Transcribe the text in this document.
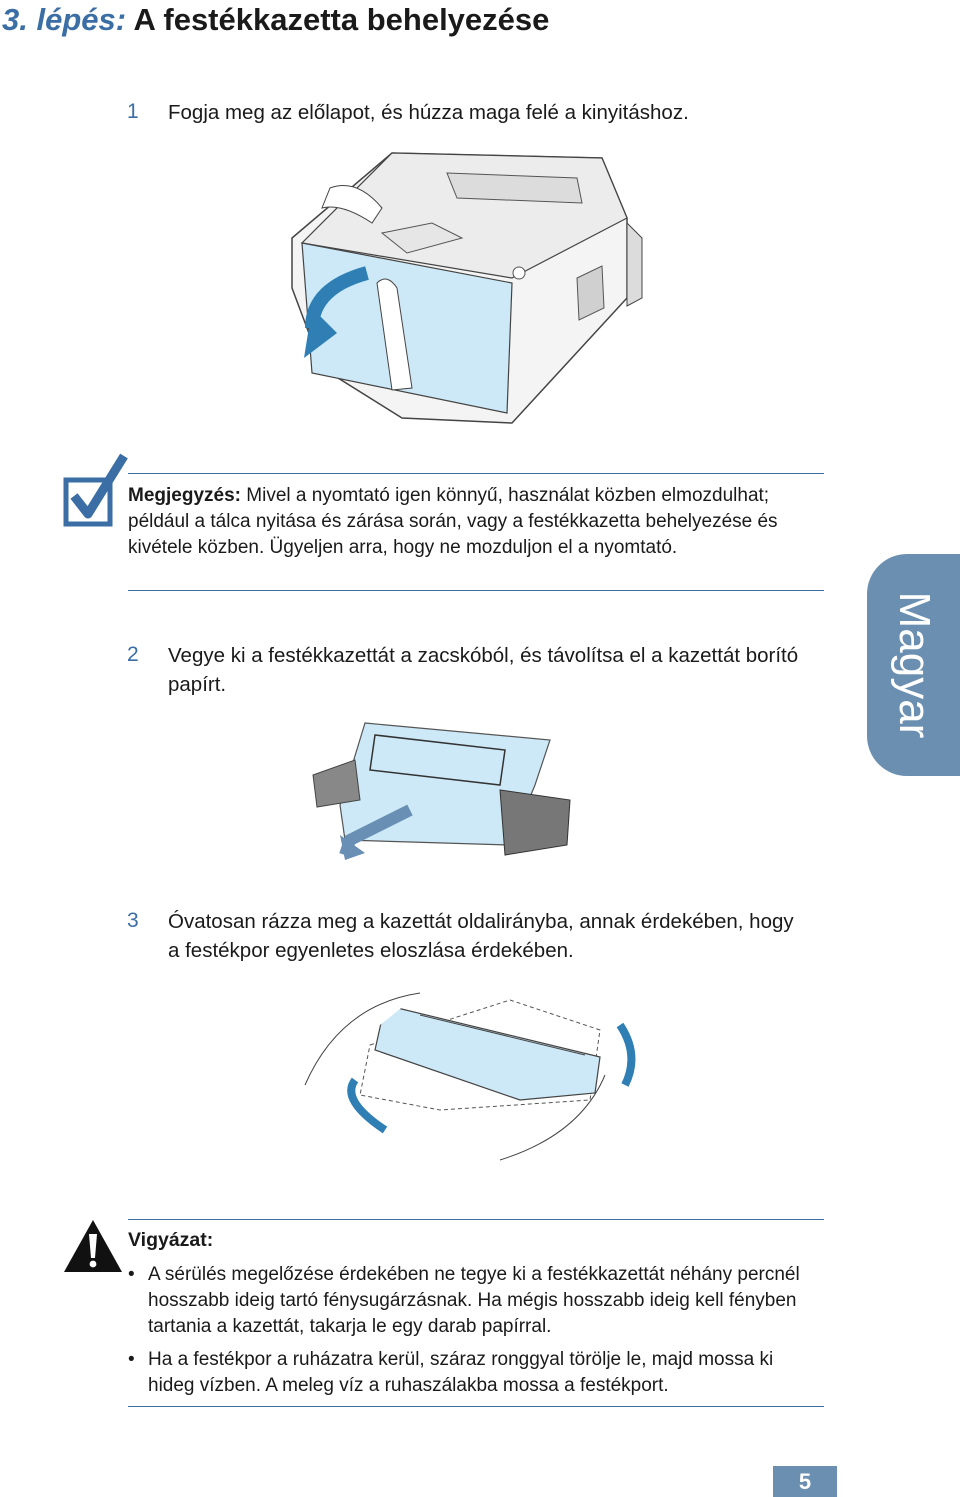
3. lépés: A festékkazetta behelyezése
1 Fogja meg az előlapot, és húzza maga felé a kinyitáshoz.
Megjegyzés: Mivel a nyomtató igen könnyű, használat közben elmozdulhat; például a tálca nyitása és zárása során, vagy a festékkazetta behelyezése és kivétele közben. Ügyeljen arra, hogy ne mozduljon el a nyomtató.
2 Vegye ki a festékkazettát a zacskóból, és távolítsa el a kazettát borító papírt.
3 Óvatosan rázza meg a kazettát oldalirányba, annak érdekében, hogy a festékpor egyenletes eloszlása érdekében.
Vigyázat:
• A sérülés megelőzése érdekében ne tegye ki a festékkazettát néhány percnél hosszabb ideig tartó fénysugárzásnak. Ha mégis hosszabb ideig kell fényben tartania a kazettát, takarja le egy darab papírral.
• Ha a festékpor a ruházatra kerül, száraz ronggyal törölje le, majd mossa ki hideg vízben. A meleg víz a ruhaszálakba mossa a festékport.
Magyar
5
